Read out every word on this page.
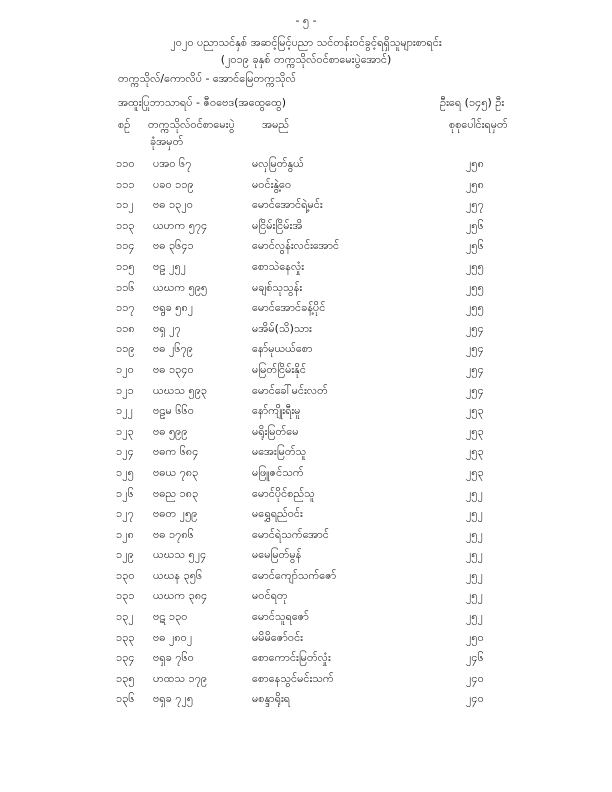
- ၅ -
၂၀၂၀ ပညာသင်နှစ် အဆင့်မြင့်ပညာ သင်တန်းဝင်ခွင့်ရရှိသူများစာရင်း
(၂၀၁၉ ခုနှစ် တက္ကသိုလ်ဝင်စာမေးပွဲအောင်)
တက္ကသိုလ်/ကောလိပ် - အောင်မြေတက္ကသိုလ်
အထူးပြုဘာသာရပ် - ဇီဝဗေဒ(အထွေထွေ)	ဦးရေ (၁၄၅) ဦး
စဉ် တက္ကသိုလ်ဝင်စာမေးပွဲ
ခုံအမှတ်
အမည်	စုစုပေါင်းရမှတ်
၁၁၀ ပအဝ ၆၇	မလှမြတ်နွယ်	၂၅၈
၁၁၁ ပခဝ ၁၁၉	မဝင်းနွဲ့ဝေ	၂၅၈
၁၁၂ ဗဓ ၁၃၂၀	မောင်အောင်ရဲ့မင်း	၂၅၇
၁၁၃ ယဟက ၅၇၄	မငြိမ်းငြိမ်းအိ	၂၅၆
၁၁၄ ဗဓ ၃၆၄၁	မောင်လွန်းလင်းအောင်	၂၅၆
၁၁၅ ဗဠ ၂၅၂	စောသဲနေလှုံး	၂၅၅
၁၁၆ ယဃက ၅၉၅	မချစ်သုသွန်း	၂၅၅
၁၁၇ ဗရွခ ၅၈၂	မောင်အောင်ခန့်ပိုင်	၂၅၅
၁၁၈ ဗရှ ၂၇	မအိမ်(သိ)သား	၂၅၄
၁၁၉ ဗဓ ၂၆၇၉	နော်မုယယ်စော	၂၅၄
၁၂၀ ဗဓ ၁၃၄၀	မမြတ်ငြိမ်းနိုင်	၂၅၄
၁၂၁ ယဃသ ၅၉၃	မောင်ခေါ်မင်းလတ်	၂၅၄
၁၂၂ ဗဠမ ၆၆၀	နော်ကျိုးရီးမူ	၂၅၃
၁၂၃ ဗဓ ၅၉၉	မရိုးမြတ်မေ	၂၅၃
၁၂၄ ဗဓက ၆၈၄	မအေးမြတ်သူ	၂၅၃
၁၂၅ ဗဓယ ၇၈၃	မဖြူဇင်သက်	၂၅၃
၁၂၆ ဗဓည ၁၈၃	မောင်ပိုင်စည်သူ	၂၅၂
၁၂၇ ဗဓတ ၂၅၉	မရွှေရည်ဝင်း	၂၅၂
၁၂၈ ဗဓ ၁၇၈၆	မောင်ရဲသက်အောင်	၂၅၂
၁၂၉ ယဃသ ၅၂၄	မမေမြတ်မွန်	၂၅၂
၁၃၀ ယဃန ၃၅၆	မောင်ကျော်သက်ဇော်	၂၅၂
၁၃၁ ယဃက ၃၈၄	မဝင်ရတု	၂၅၂
၁၃၂ ဗဋ ၁၃၀	မောင်သူရဇော်	၂၅၂
၁၃၃ ဗဓ ၂၈၀၂	မမိမိဇော်ဝင်း	၂၅၀
၁၃၄ ဗရှခ ၇၆၀	စောကောင်းမြတ်လှုံး	၂၄၆
၁၃၅ ဟထသ ၁၇၉	စောနေသွင်မင်းသက်	၂၄၀
၁၃၆ ဗရှခ ၇၂၅	မစန္ဒာရိုးရ	၂၄၀
